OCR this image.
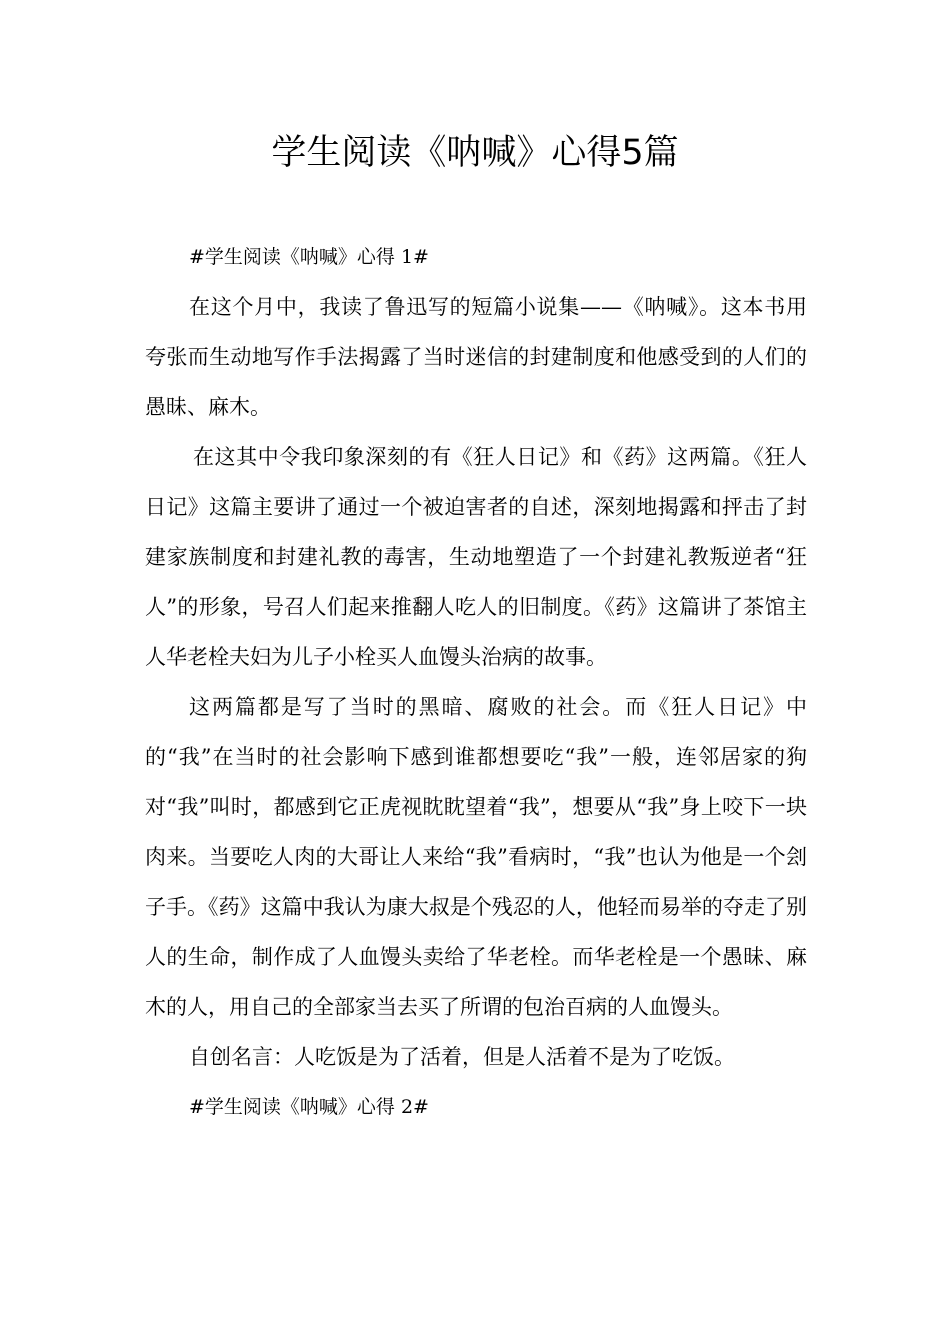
学生阅读《呐喊》心得5篇

#学生阅读《呐喊》心得 1#

在这个月中，我读了鲁迅写的短篇小说集——《呐喊》。这本书用夸张而生动地写作手法揭露了当时迷信的封建制度和他感受到的人们的愚昧、麻木。

在这其中令我印象深刻的有《狂人日记》和《药》这两篇。《狂人日记》这篇主要讲了通过一个被迫害者的自述，深刻地揭露和抨击了封建家族制度和封建礼教的毒害，生动地塑造了一个封建礼教叛逆者“狂人”的形象，号召人们起来推翻人吃人的旧制度。《药》这篇讲了茶馆主人华老栓夫妇为儿子小栓买人血馒头治病的故事。

这两篇都是写了当时的黑暗、腐败的社会。而《狂人日记》中的“我”在当时的社会影响下感到谁都想要吃“我”一般，连邻居家的狗对“我”叫时，都感到它正虎视眈眈望着“我”，想要从“我”身上咬下一块肉来。当要吃人肉的大哥让人来给“我”看病时，“我”也认为他是一个刽子手。《药》这篇中我认为康大叔是个残忍的人，他轻而易举的夺走了别人的生命，制作成了人血馒头卖给了华老栓。而华老栓是一个愚昧、麻木的人，用自己的全部家当去买了所谓的包治百病的人血馒头。

自创名言：人吃饭是为了活着，但是人活着不是为了吃饭。

#学生阅读《呐喊》心得 2#
